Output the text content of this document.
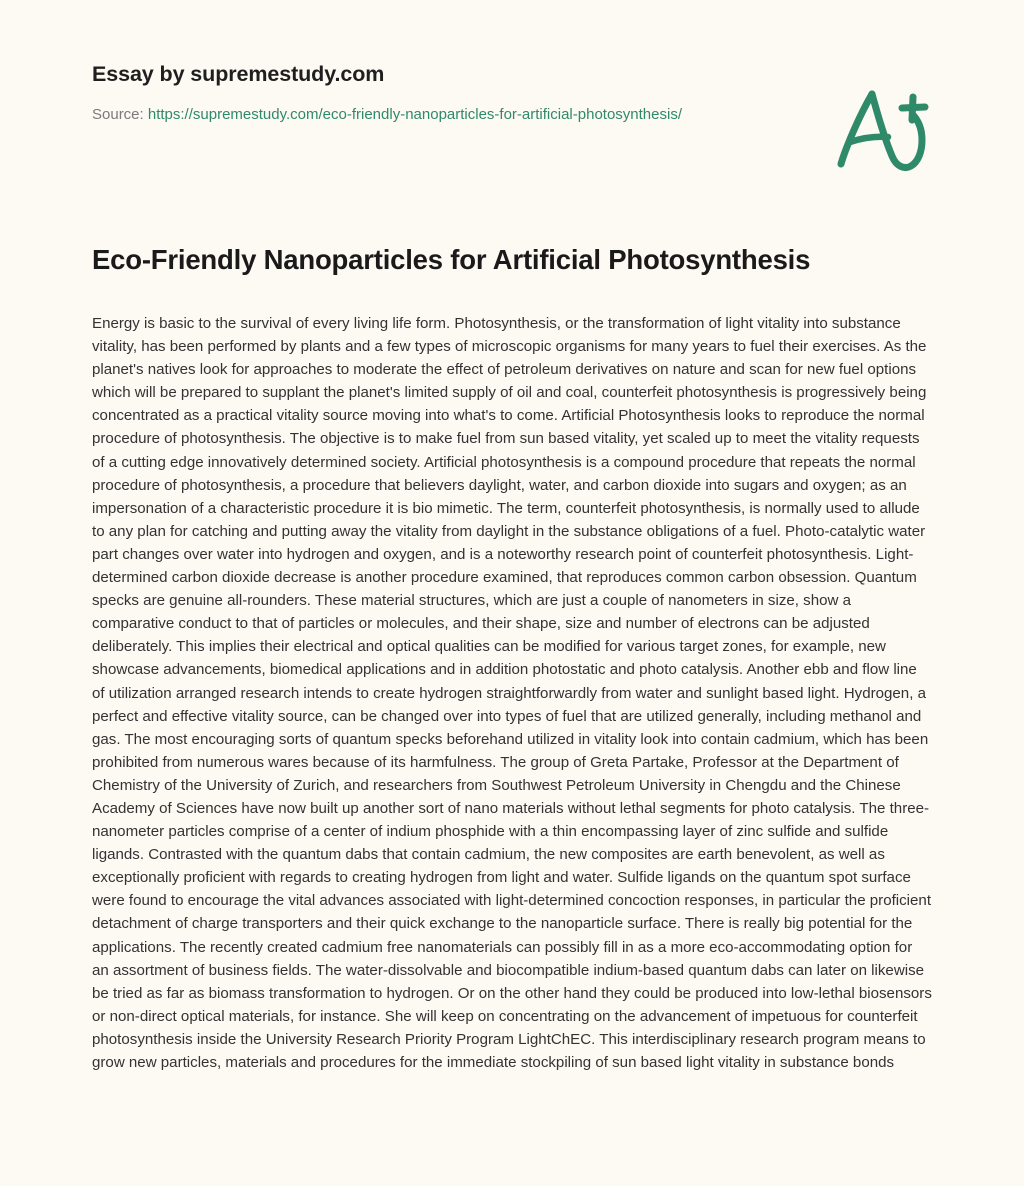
Essay by supremestudy.com
Source: https://supremestudy.com/eco-friendly-nanoparticles-for-artificial-photosynthesis/
Eco-Friendly Nanoparticles for Artificial Photosynthesis
Energy is basic to the survival of every living life form. Photosynthesis, or the transformation of light vitality into substance vitality, has been performed by plants and a few types of microscopic organisms for many years to fuel their exercises. As the planet's natives look for approaches to moderate the effect of petroleum derivatives on nature and scan for new fuel options which will be prepared to supplant the planet's limited supply of oil and coal, counterfeit photosynthesis is progressively being concentrated as a practical vitality source moving into what's to come. Artificial Photosynthesis looks to reproduce the normal procedure of photosynthesis. The objective is to make fuel from sun based vitality, yet scaled up to meet the vitality requests of a cutting edge innovatively determined society. Artificial photosynthesis is a compound procedure that repeats the normal procedure of photosynthesis, a procedure that believers daylight, water, and carbon dioxide into sugars and oxygen; as an impersonation of a characteristic procedure it is bio mimetic. The term, counterfeit photosynthesis, is normally used to allude to any plan for catching and putting away the vitality from daylight in the substance obligations of a fuel. Photo-catalytic water part changes over water into hydrogen and oxygen, and is a noteworthy research point of counterfeit photosynthesis. Light-determined carbon dioxide decrease is another procedure examined, that reproduces common carbon obsession. Quantum specks are genuine all-rounders. These material structures, which are just a couple of nanometers in size, show a comparative conduct to that of particles or molecules, and their shape, size and number of electrons can be adjusted deliberately. This implies their electrical and optical qualities can be modified for various target zones, for example, new showcase advancements, biomedical applications and in addition photostatic and photo catalysis. Another ebb and flow line of utilization arranged research intends to create hydrogen straightforwardly from water and sunlight based light. Hydrogen, a perfect and effective vitality source, can be changed over into types of fuel that are utilized generally, including methanol and gas. The most encouraging sorts of quantum specks beforehand utilized in vitality look into contain cadmium, which has been prohibited from numerous wares because of its harmfulness. The group of Greta Partake, Professor at the Department of Chemistry of the University of Zurich, and researchers from Southwest Petroleum University in Chengdu and the Chinese Academy of Sciences have now built up another sort of nano materials without lethal segments for photo catalysis. The three-nanometer particles comprise of a center of indium phosphide with a thin encompassing layer of zinc sulfide and sulfide ligands. Contrasted with the quantum dabs that contain cadmium, the new composites are earth benevolent, as well as exceptionally proficient with regards to creating hydrogen from light and water. Sulfide ligands on the quantum spot surface were found to encourage the vital advances associated with light-determined concoction responses, in particular the proficient detachment of charge transporters and their quick exchange to the nanoparticle surface. There is really big potential for the applications. The recently created cadmium free nanomaterials can possibly fill in as a more eco-accommodating option for an assortment of business fields. The water-dissolvable and biocompatible indium-based quantum dabs can later on likewise be tried as far as biomass transformation to hydrogen. Or on the other hand they could be produced into low-lethal biosensors or non-direct optical materials, for instance. She will keep on concentrating on the advancement of impetuous for counterfeit photosynthesis inside the University Research Priority Program LightChEC. This interdisciplinary research program means to grow new particles, materials and procedures for the immediate stockpiling of sun based light vitality in substance bonds
